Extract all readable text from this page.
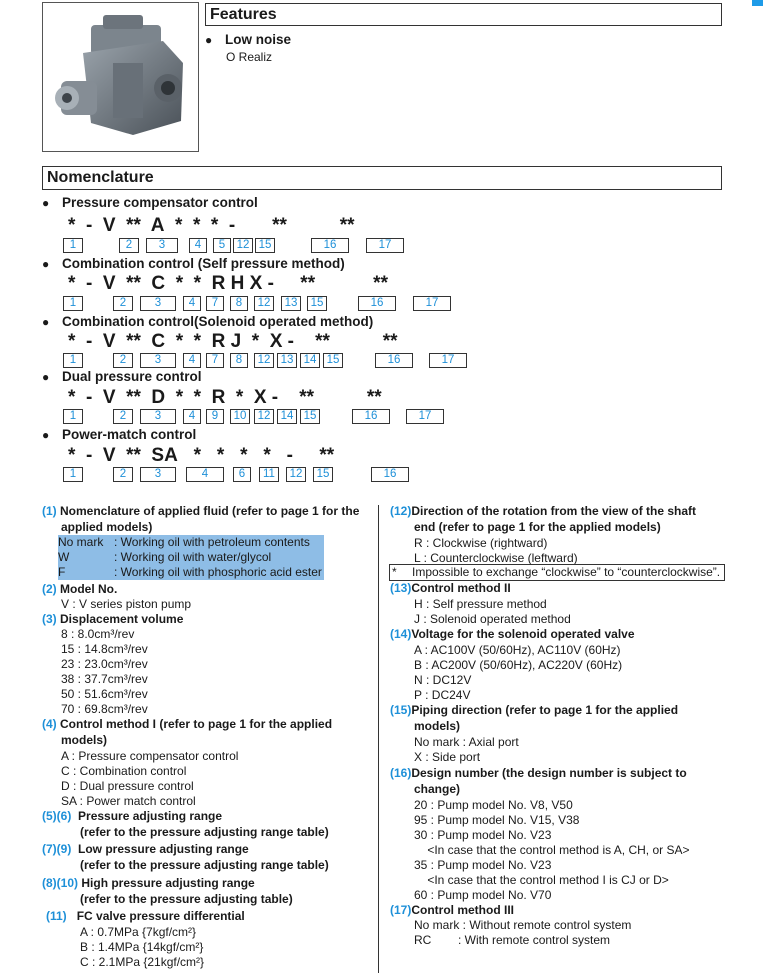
Features
● Low noise
O Realiz
Nomenclature
● Pressure compensator control
*  -  V  **  A  *  *  *  -       **	**
1	2	3	4	5 12 15	16	17
● Combination control (Self pressure method)
*  -  V  **  C  *  *  R H X -     **	**
1	2	3	4	7	8	12	13	15	16	17
● Combination control(Solenoid operated method)
*  -  V  **  C  *  *  R J  *  X -    **	**
1	2	3	4	7	8	12 13 14 15	16	17
● Dual pressure control
*  -  V  **  D  *  *  R  *  X -    **	**
1	2	3	4	9	10 12 14 15	16	17
● Power-match control
*  -  V  **  SA   *   *   *   *   -     **
1	2	3	4	6	11	12	15	16
(1) Nomenclature of applied fluid (refer to page 1 for the
applied models)
No mark : Working oil with petroleum contents
W	: Working oil with water/glycol
F	: Working oil with phosphoric acid ester
(2) Model No.
V : V series piston pump
(3) Displacement volume
8 : 8.0cm³/rev
15 : 14.8cm³/rev
23 : 23.0cm³/rev
38 : 37.7cm³/rev
50 : 51.6cm³/rev
70 : 69.8cm³/rev
(4) Control method I (refer to page 1 for the applied
models)
A : Pressure compensator control
C : Combination control
D : Dual pressure control
SA : Power match control
(5)(6) Pressure adjusting range
(refer to the pressure adjusting range table)
(7)(9) Low pressure adjusting range
(refer to the pressure adjusting range table)
(8)(10) High pressure adjusting range
(refer to the pressure adjusting table)
(11) FC valve pressure differential
A : 0.7MPa {7kgf/cm²}
B : 1.4MPa {14kgf/cm²}
C : 2.1MPa {21kgf/cm²}
(12)Direction of the rotation from the view of the shaft
end (refer to page 1 for the applied models)
R : Clockwise (rightward)
L : Counterclockwise (leftward)
* Impossible to exchange “clockwise” to “counterclockwise”.
(13)Control method II
H : Self pressure method
J : Solenoid operated method
(14)Voltage for the solenoid operated valve
A : AC100V (50/60Hz), AC110V (60Hz)
B : AC200V (50/60Hz), AC220V (60Hz)
N : DC12V
P : DC24V
(15)Piping direction (refer to page 1 for the applied
models)
No mark : Axial port
X : Side port
(16)Design number (the design number is subject to
change)
20 : Pump model No. V8, V50
95 : Pump model No. V15, V38
30 : Pump model No. V23
<In case that the control method is A, CH, or SA>
35 : Pump model No. V23
<In case that the control method I is CJ or D>
60 : Pump model No. V70
(17)Control method III
No mark : Without remote control system
RC        : With remote control system
